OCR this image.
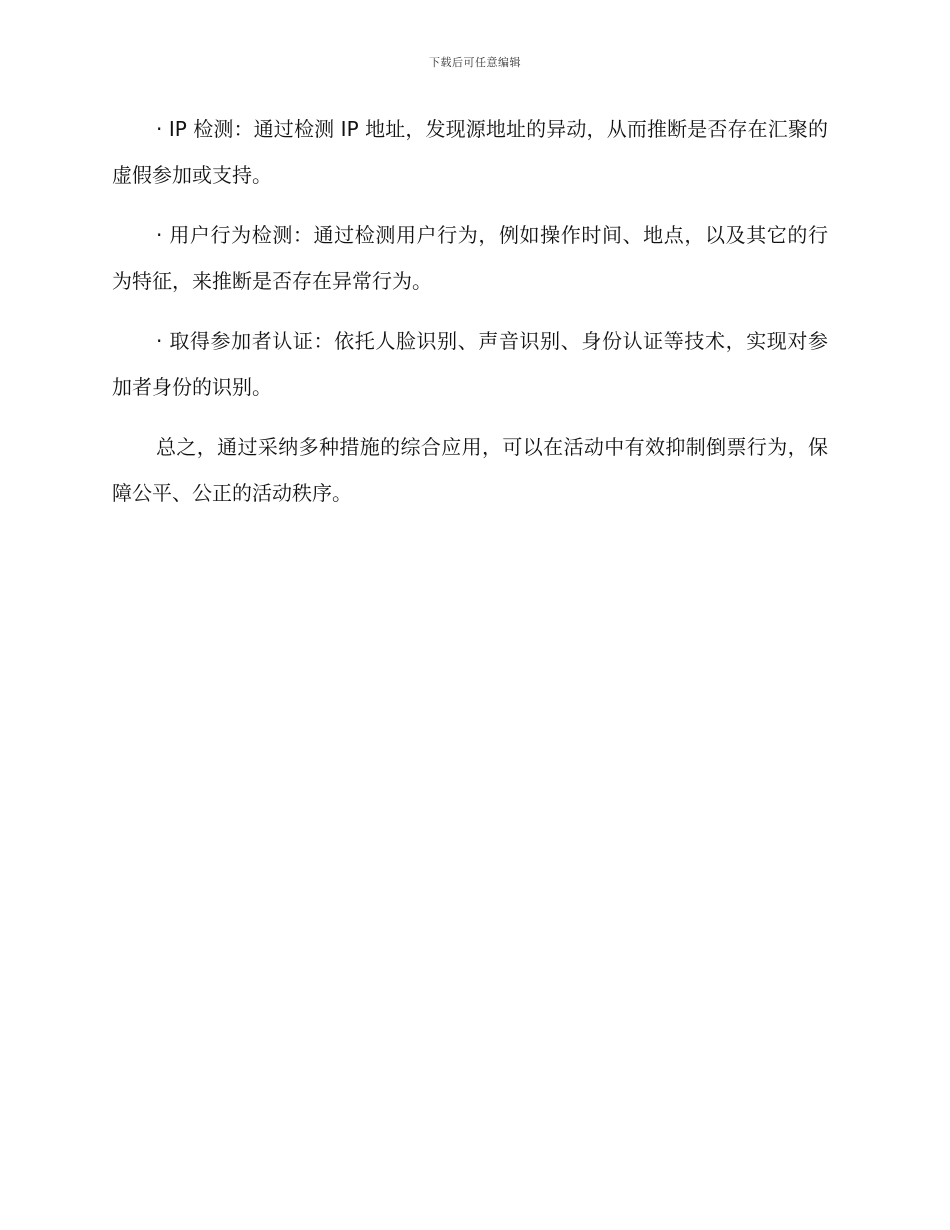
下载后可任意编辑

· IP 检测：通过检测 IP 地址，发现源地址的异动，从而推断是否存在汇聚的虚假参加或支持。

· 用户行为检测：通过检测用户行为，例如操作时间、地点，以及其它的行为特征，来推断是否存在异常行为。

· 取得参加者认证：依托人脸识别、声音识别、身份认证等技术，实现对参加者身份的识别。

总之，通过采纳多种措施的综合应用，可以在活动中有效抑制倒票行为，保障公平、公正的活动秩序。
